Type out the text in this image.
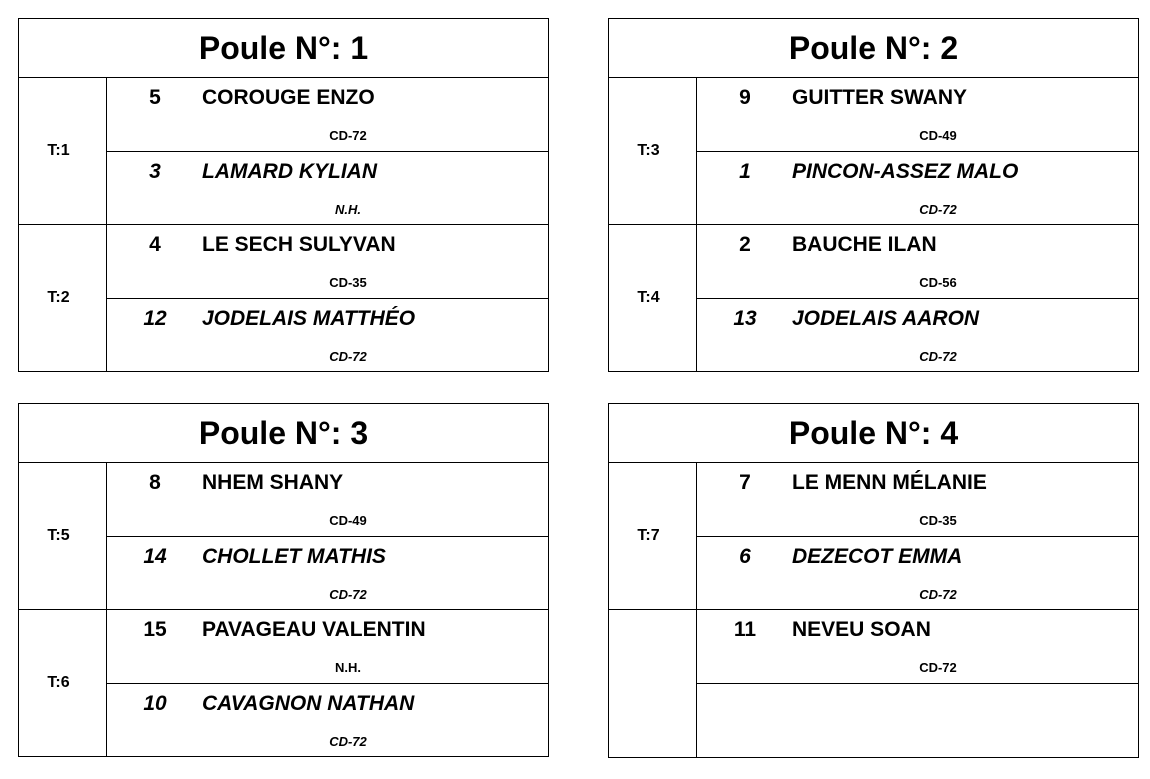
Poule N°: 1
T:1
5	COROUGE ENZO
CD-72
3	LAMARD KYLIAN
N.H.
T:2
4	LE SECH SULYVAN
CD-35
12	JODELAIS MATTHÉO
CD-72
Poule N°: 2
T:3
9	GUITTER SWANY
CD-49
1	PINCON-ASSEZ MALO
CD-72
T:4
2	BAUCHE ILAN
CD-56
13	JODELAIS AARON
CD-72
Poule N°: 3
T:5
8	NHEM SHANY
CD-49
14	CHOLLET MATHIS
CD-72
T:6
15	PAVAGEAU VALENTIN
N.H.
10	CAVAGNON NATHAN
CD-72
Poule N°: 4
T:7
7	LE MENN MÉLANIE
CD-35
6	DEZECOT EMMA
CD-72
11	NEVEU SOAN
CD-72
